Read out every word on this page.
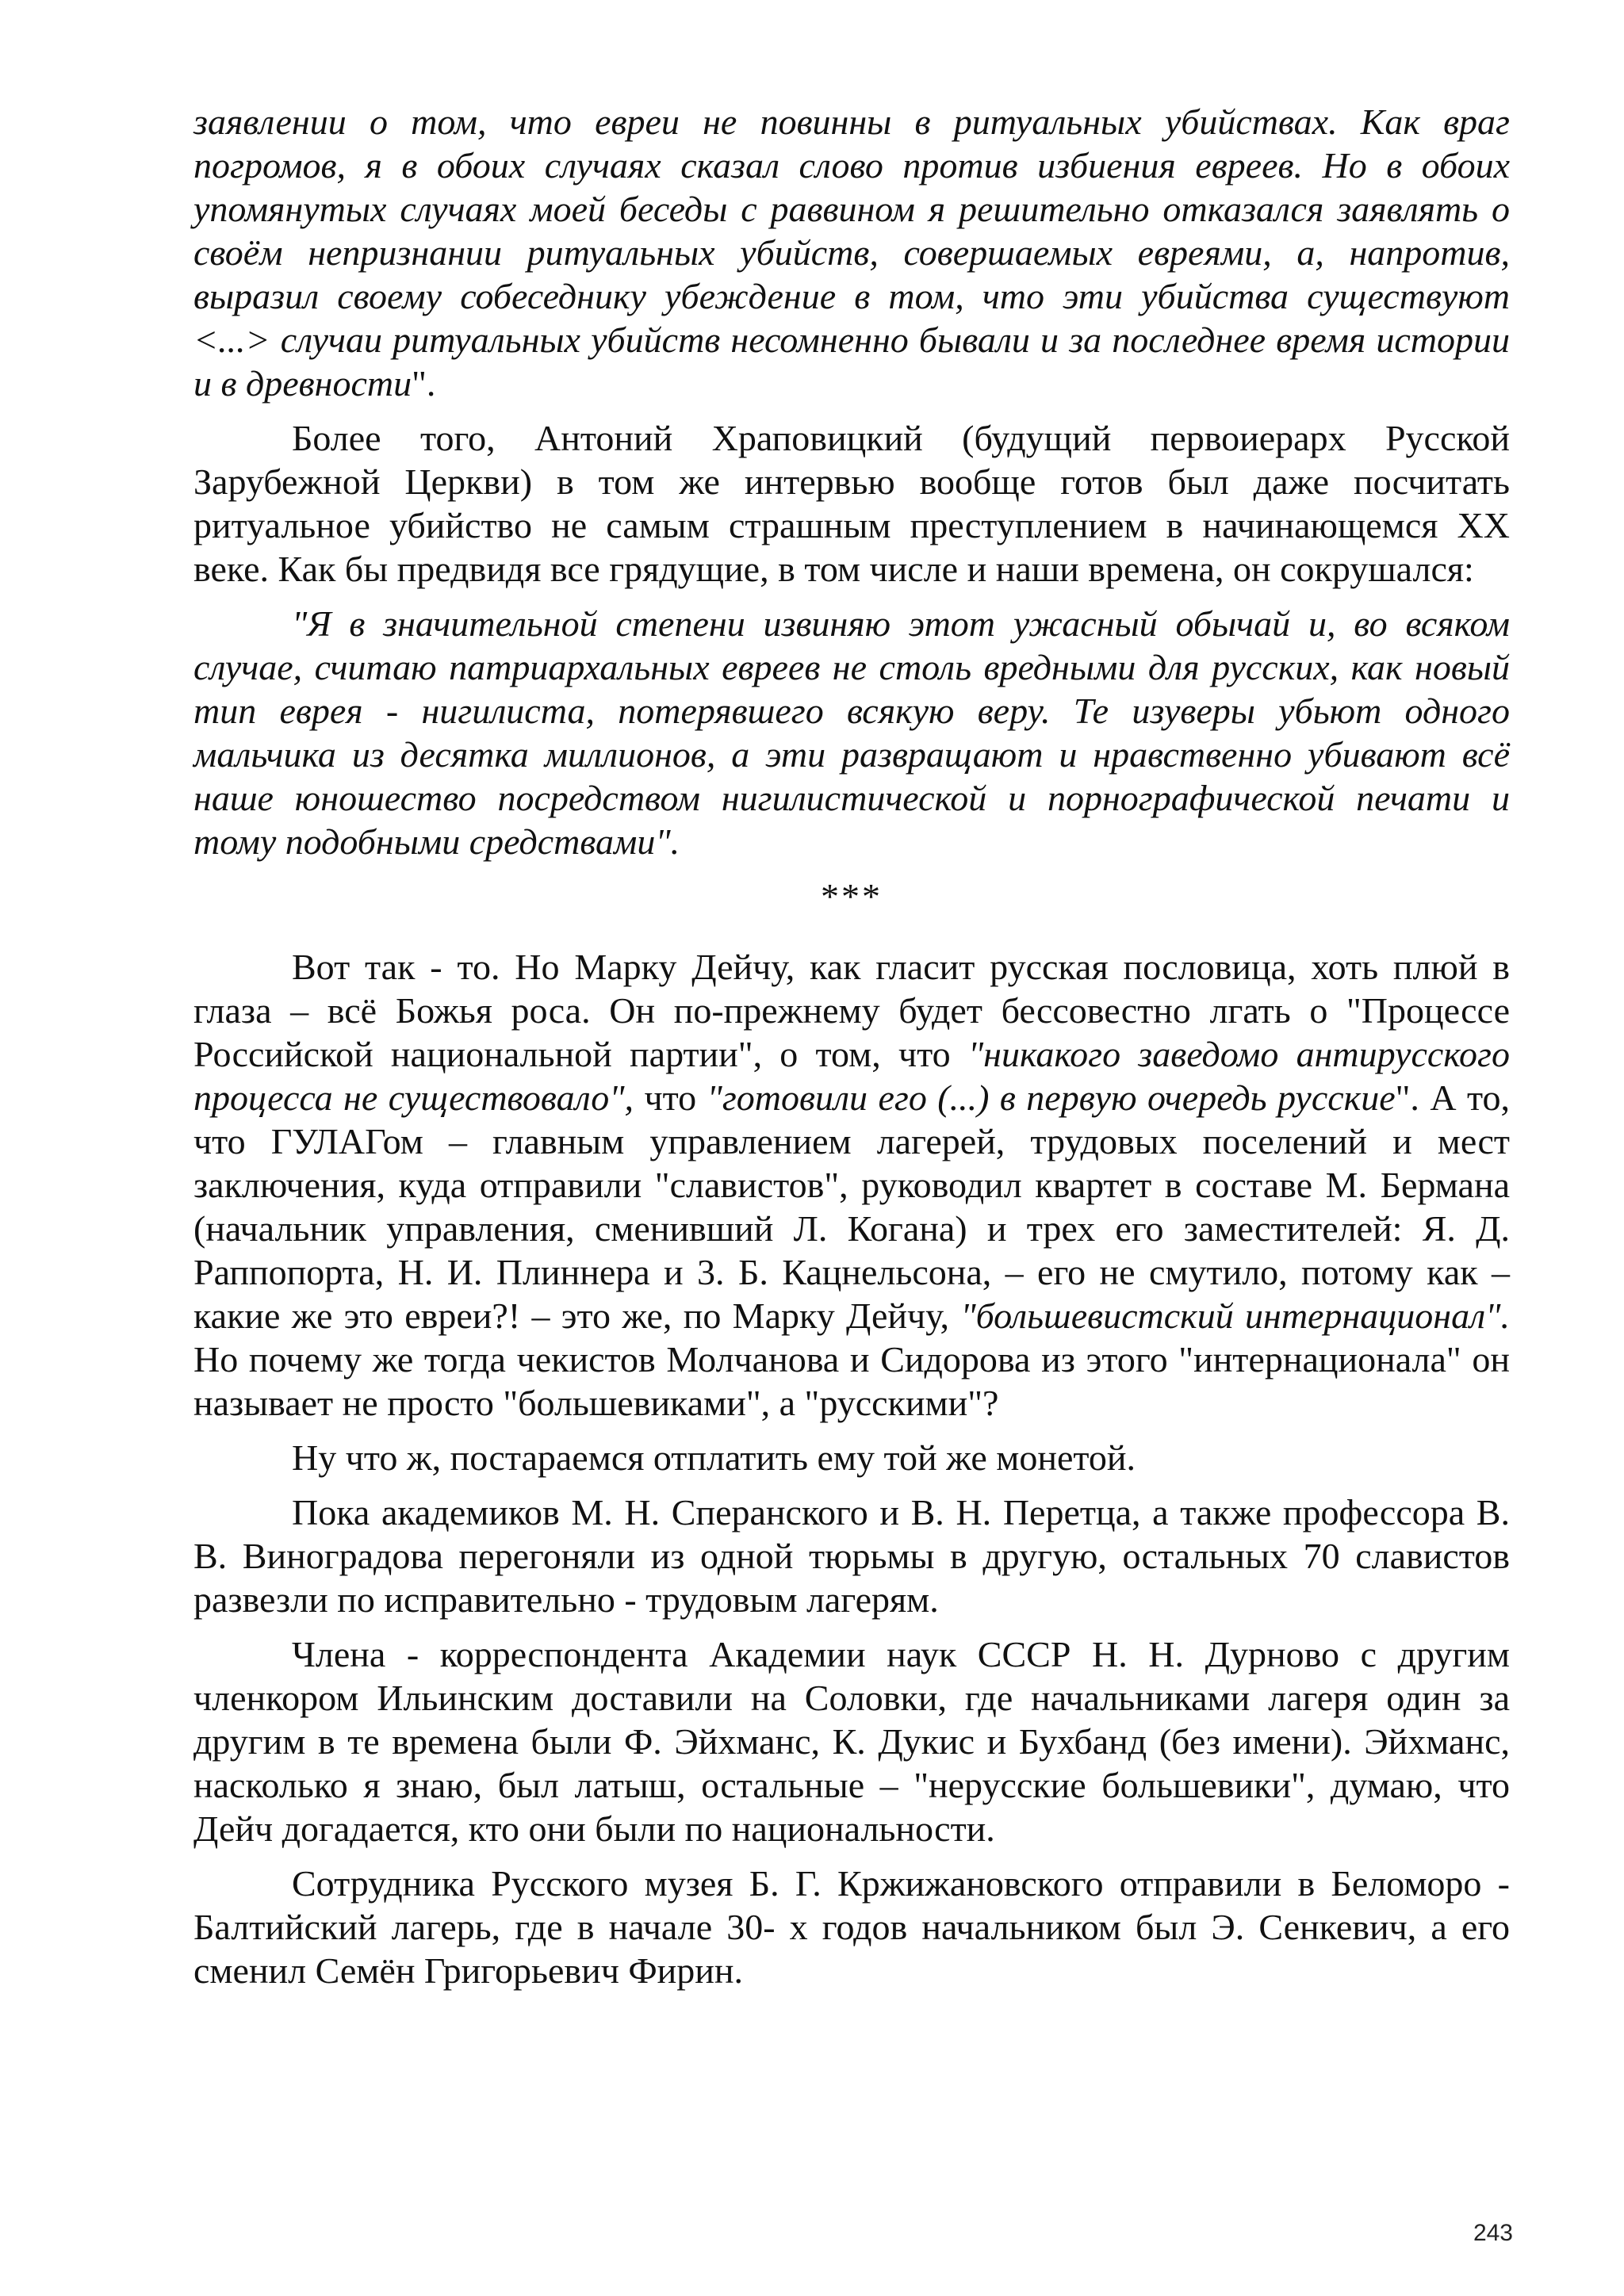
заявлении о том, что евреи не повинны в ритуальных убийствах. Как враг погромов, я в обоих случаях сказал слово против избиения евреев. Но в обоих упомянутых случаях моей беседы с раввином я решительно отказался заявлять о своём непризнании ритуальных убийств, совершаемых евреями, а, напротив, выразил своему собеседнику убеждение в том, что эти убийства существуют <...> случаи ритуальных убийств несомненно бывали и за последнее время истории и в древности".

Более того, Антоний Храповицкий (будущий первоиерарх Русской Зарубежной Церкви) в том же интервью вообще готов был даже посчитать ритуальное убийство не самым страшным преступлением в начинающемся XX веке. Как бы предвидя все грядущие, в том числе и наши времена, он сокрушался:

"Я в значительной степени извиняю этот ужасный обычай и, во всяком случае, считаю патриархальных евреев не столь вредными для русских, как новый тип еврея - нигилиста, потерявшего всякую веру. Те изуверы убьют одного мальчика из десятка миллионов, а эти развращают и нравственно убивают всё наше юношество посредством нигилистической и порнографической печати и тому подобными средствами".

***

Вот так - то. Но Марку Дейчу, как гласит русская пословица, хоть плюй в глаза – всё Божья роса. Он по-прежнему будет бессовестно лгать о "Процессе Российской национальной партии", о том, что "никакого заведомо антирусского процесса не существовало", что "готовили его (...) в первую очередь русские". А то, что ГУЛАГом – главным управлением лагерей, трудовых поселений и мест заключения, куда отправили "славистов", руководил квартет в составе М. Бермана (начальник управления, сменивший Л. Когана) и трех его заместителей: Я. Д. Раппопорта, Н. И. Плиннера и 3. Б. Кацнельсона, – его не смутило, потому как – какие же это евреи?! – это же, по Марку Дейчу, "большевистский интернационал". Но почему же тогда чекистов Молчанова и Сидорова из этого "интернационала" он называет не просто "большевиками", а "русскими"?

Ну что ж, постараемся отплатить ему той же монетой.

Пока академиков М. Н. Сперанского и В. Н. Перетца, а также профессора В. В. Виноградова перегоняли из одной тюрьмы в другую, остальных 70 славистов развезли по исправительно - трудовым лагерям.

Члена - корреспондента Академии наук СССР Н. Н. Дурново с другим членкором Ильинским доставили на Соловки, где начальниками лагеря один за другим в те времена были Ф. Эйхманс, К. Дукис и Бухбанд (без имени). Эйхманс, насколько я знаю, был латыш, остальные – "нерусские большевики", думаю, что Дейч догадается, кто они были по национальности.

Сотрудника Русского музея Б. Г. Кржижановского отправили в Беломоро - Балтийский лагерь, где в начале 30- х годов начальником был Э. Сенкевич, а его сменил Семён Григорьевич Фирин.

243
